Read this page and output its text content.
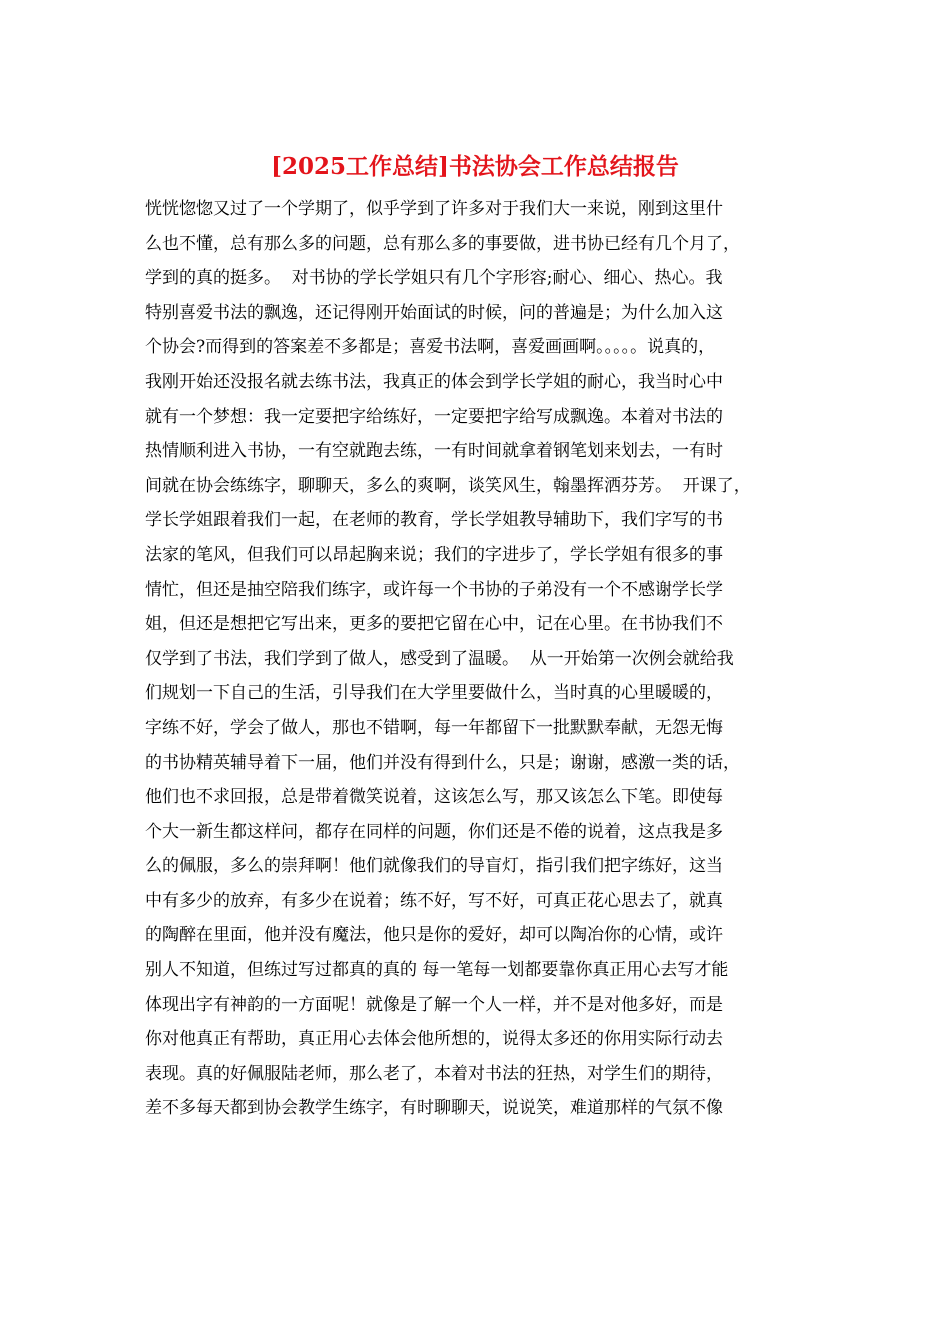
[2025工作总结]书法协会工作总结报告
恍恍惚惚又过了一个学期了，似乎学到了许多对于我们大一来说，刚到这里什
么也不懂，总有那么多的问题，总有那么多的事要做，进书协已经有几个月了，
学到的真的挺多。  对书协的学长学姐只有几个字形容;耐心、细心、热心。我
特别喜爱书法的飘逸，还记得刚开始面试的时候，问的普遍是；为什么加入这
个协会?而得到的答案差不多都是；喜爱书法啊，喜爱画画啊。。。。。说真的，
我刚开始还没报名就去练书法，我真正的体会到学长学姐的耐心，我当时心中
就有一个梦想：我一定要把字给练好，一定要把字给写成飘逸。本着对书法的
热情顺利进入书协，一有空就跑去练，一有时间就拿着钢笔划来划去，一有时
间就在协会练练字，聊聊天，多么的爽啊，谈笑风生，翰墨挥洒芬芳。  开课了，
学长学姐跟着我们一起，在老师的教育，学长学姐教导辅助下，我们字写的书
法家的笔风，但我们可以昂起胸来说；我们的字进步了，学长学姐有很多的事
情忙，但还是抽空陪我们练字，或许每一个书协的子弟没有一个不感谢学长学
姐，但还是想把它写出来，更多的要把它留在心中，记在心里。在书协我们不
仅学到了书法，我们学到了做人，感受到了温暖。  从一开始第一次例会就给我
们规划一下自己的生活，引导我们在大学里要做什么，当时真的心里暖暖的，
字练不好，学会了做人，那也不错啊，每一年都留下一批默默奉献，无怨无悔
的书协精英辅导着下一届，他们并没有得到什么，只是；谢谢，感激一类的话，
他们也不求回报，总是带着微笑说着，这该怎么写，那又该怎么下笔。即使每
个大一新生都这样问，都存在同样的问题，你们还是不倦的说着，这点我是多
么的佩服，多么的崇拜啊！他们就像我们的导盲灯，指引我们把字练好，这当
中有多少的放弃，有多少在说着；练不好，写不好，可真正花心思去了，就真
的陶醉在里面，他并没有魔法，他只是你的爱好，却可以陶冶你的心情，或许
别人不知道，但练过写过都真的真的 每一笔每一划都要靠你真正用心去写才能
体现出字有神韵的一方面呢！就像是了解一个人一样，并不是对他多好，而是
你对他真正有帮助，真正用心去体会他所想的，说得太多还的你用实际行动去
表现。真的好佩服陆老师，那么老了，本着对书法的狂热，对学生们的期待，
差不多每天都到协会教学生练字，有时聊聊天，说说笑，难道那样的气氛不像
